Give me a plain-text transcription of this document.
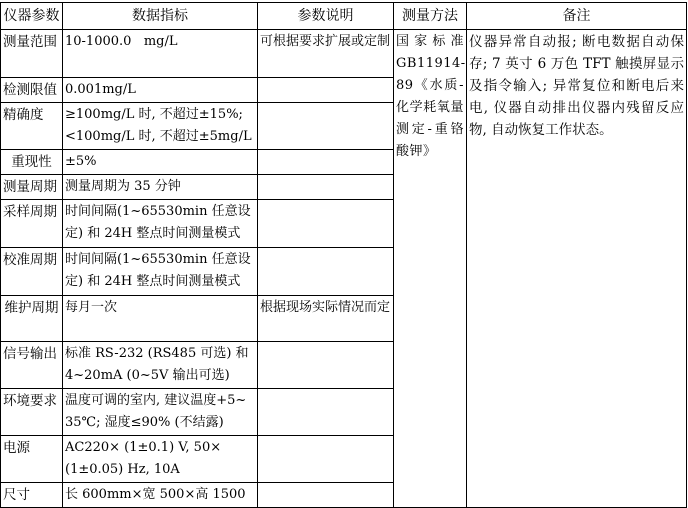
仪器参数	数据指标	参数说明	测量方法	备注
测量范围	10-1000.0   mg/L	可根据要求扩展或定制	国家标准 GB11914-89《水质-化学耗氧量测定-重铬酸钾》	仪器异常自动报; 断电数据自动保存; 7 英寸 6 万色 TFT 触摸屏显示及指令输入; 异常复位和断电后来电, 仪器自动排出仪器内残留反应物, 自动恢复工作状态。
检测限值	0.001mg/L			
精确度	≥100mg/L 时, 不超过±15%;
<100mg/L 时, 不超过±5mg/L			

重现性	±5%			
测量周期	测量周期为 35 分钟			
采样周期	时间间隔(1~65530min 任意设
定) 和 24H 整点时间测量模式			

校准周期	时间间隔(1~65530min 任意设
定) 和 24H 整点时间测量模式			

维护周期	每月一次	根据现场实际情况而定		
信号输出	标准 RS-232 (RS485 可选) 和
4~20mA (0~5V 输出可选)			

环境要求	温度可调的室内, 建议温度+5~
35℃; 湿度≤90% (不结露)			

电源	AC220× (1±0.1) V, 50×
(1±0.05) Hz, 10A			

尺寸	长 600mm×宽 500×高 1500			
